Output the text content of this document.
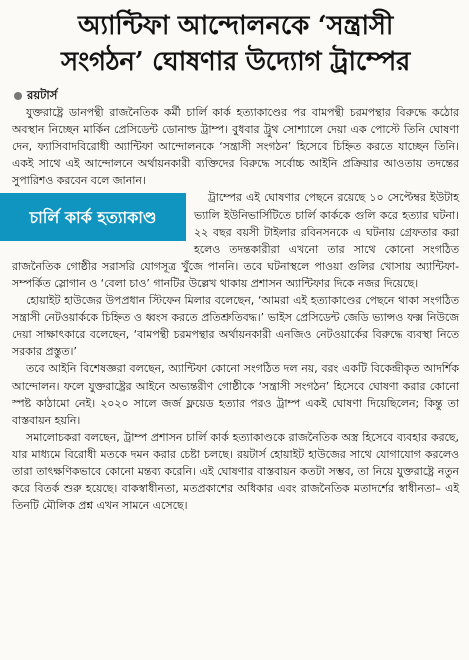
অ্যান্টিফা আন্দোলনকে ‘সন্ত্রাসী
সংগঠন’ ঘোষণার উদ্যোগ ট্রাম্পের
রয়টার্স

যুক্তরাষ্ট্রে ডানপন্থী রাজনৈতিক কর্মী চার্লি কার্ক হত্যাকাণ্ডের পর বামপন্থী চরমপন্থার বিরুদ্ধে কঠোর অবস্থান নিচ্ছেন মার্কিন প্রেসিডেন্ট ডোনাল্ড ট্রাম্প। বুধবার ট্রুথ সোশ্যালে দেয়া এক পোস্টে তিনি ঘোষণা দেন, ফ্যাসিবাদবিরোধী অ্যান্টিফা আন্দোলনকে ‘সন্ত্রাসী সংগঠন’ হিসেবে চিহ্নিত করতে যাচ্ছেন তিনি। একই সাথে এই আন্দোলনে অর্থায়নকারী ব্যক্তিদের বিরুদ্ধে সর্বোচ্চ আইনি প্রক্রিয়ার আওতায় তদন্তের সুপারিশও করবেন বলে জানান।

চার্লি কার্ক হত্যাকাণ্ড

ট্রাম্পের এই ঘোষণার পেছনে রয়েছে ১০ সেপ্টেম্বর ইউটাহ ভ্যালি ইউনিভার্সিটিতে চার্লি কার্ককে গুলি করে হত্যার ঘটনা। ২২ বছর বয়সী টাইলার রবিনসনকে এ ঘটনায় গ্রেফতার করা হলেও তদন্তকারীরা এখনো তার সাথে কোনো সংগঠিত রাজনৈতিক গোষ্ঠীর সরাসরি যোগসূত্র খুঁজে পাননি। তবে ঘটনাস্থলে পাওয়া গুলির খোসায় অ্যান্টিফা-সম্পর্কিত স্লোগান ও ‘বেলা চাও’ গানটির উল্লেখ থাকায় প্রশাসন অ্যান্টিফার দিকে নজর দিয়েছে।

হোয়াইট হাউজের উপপ্রধান স্টিফেন মিলার বলেছেন, ‘আমরা এই হত্যাকাণ্ডের পেছনে থাকা সংগঠিত সন্ত্রাসী নেটওয়ার্ককে চিহ্নিত ও ধ্বংস করতে প্রতিশ্রুতিবদ্ধ।’ ভাইস প্রেসিডেন্ট জেডি ভ্যান্সও ফক্স নিউজে দেয়া সাক্ষাৎকারে বলেছেন, ‘বামপন্থী চরমপন্থার অর্থায়নকারী এনজিও নেটওয়ার্কের বিরুদ্ধে ব্যবস্থা নিতে সরকার প্রস্তুত।’

তবে আইনি বিশেষজ্ঞরা বলছেন, অ্যান্টিফা কোনো সংগঠিত দল নয়, বরং একটি বিকেন্দ্রীকৃত আদর্শিক আন্দোলন। ফলে যুক্তরাষ্ট্রের আইনে অভ্যন্তরীণ গোষ্ঠীকে ‘সন্ত্রাসী সংগঠন’ হিসেবে ঘোষণা করার কোনো স্পষ্ট কাঠামো নেই। ২০২০ সালে জর্জ ফ্লয়েড হত্যার পরও ট্রাম্প একই ঘোষণা দিয়েছিলেন; কিন্তু তা বাস্তবায়ন হয়নি।

সমালোচকরা বলছেন, ট্রাম্প প্রশাসন চার্লি কার্ক হত্যাকাণ্ডকে রাজনৈতিক অস্ত্র হিসেবে ব্যবহার করছে, যার মাধ্যমে বিরোধী মতকে দমন করার চেষ্টা চলছে। রয়টার্স হোয়াইট হাউজের সাথে যোগাযোগ করলেও তারা তাৎক্ষণিকভাবে কোনো মন্তব্য করেনি। এই ঘোষণার বাস্তবায়ন কতটা সম্ভব, তা নিয়ে যুক্তরাষ্ট্রে নতুন করে বিতর্ক শুরু হয়েছে। বাকস্বাধীনতা, মতপ্রকাশের অধিকার এবং রাজনৈতিক মতাদর্শের স্বাধীনতা– এই তিনটি মৌলিক প্রশ্ন এখন সামনে এসেছে।
